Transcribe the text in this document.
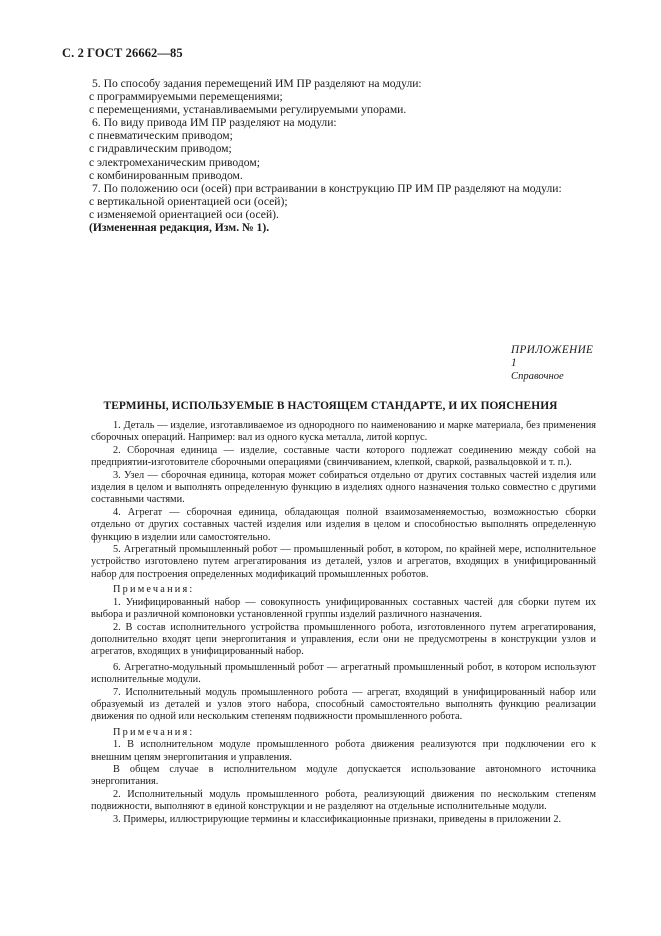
С. 2 ГОСТ 26662—85
5. По способу задания перемещений ИМ ПР разделяют на модули:
с программируемыми перемещениями;
с перемещениями, устанавливаемыми регулируемыми упорами.
6. По виду привода ИМ ПР разделяют на модули:
с пневматическим приводом;
с гидравлическим приводом;
с электромеханическим приводом;
с комбинированным приводом.
7. По положению оси (осей) при встраивании в конструкцию ПР ИМ ПР разделяют на модули:
с вертикальной ориентацией оси (осей);
с изменяемой ориентацией оси (осей).
(Измененная редакция, Изм. № 1).
ПРИЛОЖЕНИЕ 1
Справочное
ТЕРМИНЫ, ИСПОЛЬЗУЕМЫЕ В НАСТОЯЩЕМ СТАНДАРТЕ, И ИХ ПОЯСНЕНИЯ

1. Деталь — изделие, изготавливаемое из однородного по наименованию и марке материала, без применения сборочных операций. Например: вал из одного куска металла, литой корпус.

2. Сборочная единица — изделие, составные части которого подлежат соединению между собой на предприятии-изготовителе сборочными операциями (свинчиванием, клепкой, сваркой, развальцовкой и т. п.).

3. Узел — сборочная единица, которая может собираться отдельно от других составных частей изделия или изделия в целом и выполнять определенную функцию в изделиях одного назначения только совместно с другими составными частями.

4. Агрегат — сборочная единица, обладающая полной взаимозаменяемостью, возможностью сборки отдельно от других составных частей изделия или изделия в целом и способностью выполнять определенную функцию в изделии или самостоятельно.

5. Агрегатный промышленный робот — промышленный робот, в котором, по крайней мере, исполнительное устройство изготовлено путем агрегатирования из деталей, узлов и агрегатов, входящих в унифицированный набор для построения определенных модификаций промышленных роботов.

Примечания:

1. Унифицированный набор — совокупность унифицированных составных частей для сборки путем их выбора и различной компоновки установленной группы изделий различного назначения.

2. В состав исполнительного устройства промышленного робота, изготовленного путем агрегатирования, дополнительно входят цепи энергопитания и управления, если они не предусмотрены в конструкции узлов и агрегатов, входящих в унифицированный набор.

6. Агрегатно-модульный промышленный робот — агрегатный промышленный робот, в котором используют исполнительные модули.

7. Исполнительный модуль промышленного робота — агрегат, входящий в унифицированный набор или образуемый из деталей и узлов этого набора, способный самостоятельно выполнять функцию реализации движения по одной или нескольким степеням подвижности промышленного робота.

Примечания:

1. В исполнительном модуле промышленного робота движения реализуются при подключении его к внешним цепям энергопитания и управления.

В общем случае в исполнительном модуле допускается использование автономного источника энергопитания.

2. Исполнительный модуль промышленного робота, реализующий движения по нескольким степеням подвижности, выполняют в единой конструкции и не разделяют на отдельные исполнительные модули.

3. Примеры, иллюстрирующие термины и классификационные признаки, приведены в приложении 2.
